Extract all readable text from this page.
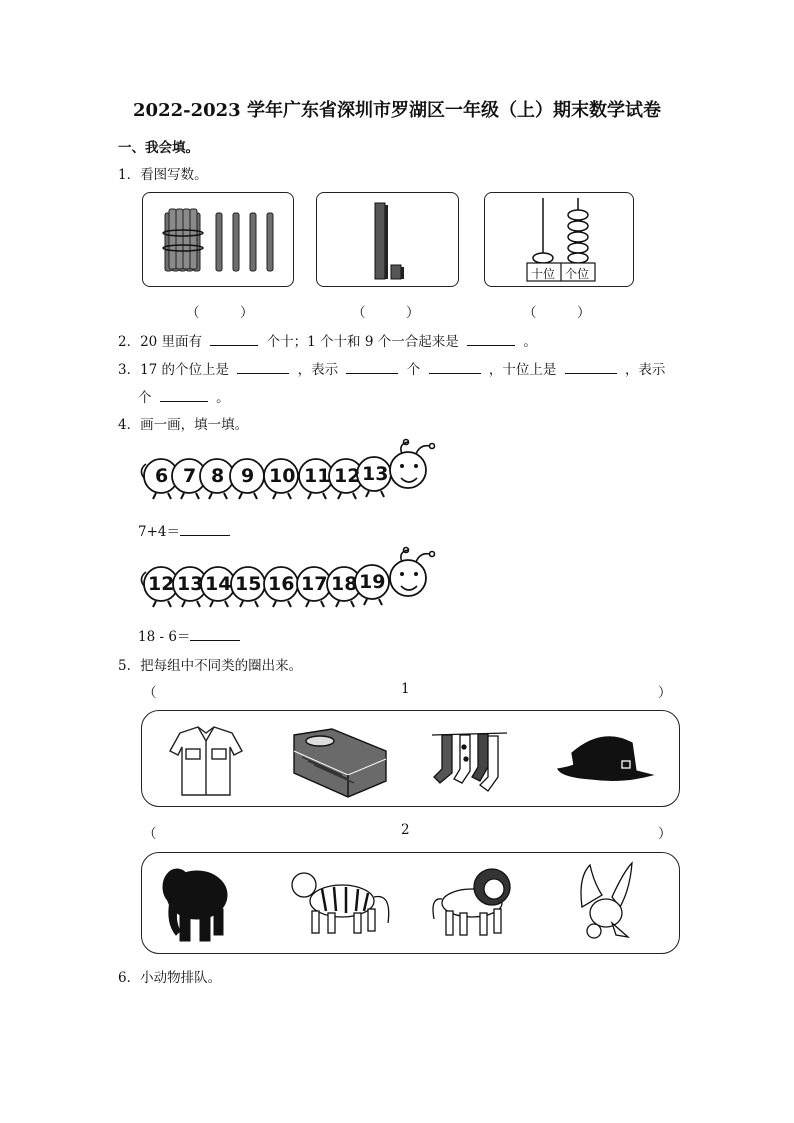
2022-2023 学年广东省深圳市罗湖区一年级（上）期末数学试卷
一、我会填。
1．看图写数。
十位 个位
（　　　）	（　　　）	（　　　）
2．20 里面有	个十；1 个十和 9 个一合起来是	。
3．17 的个位上是	，表示	个	，十位上是	，表示
个	。
4．画一画，填一填。
6 7 8 9 10 11 12 13
7+4＝
12 13 14 15 16 17 18 19
18 - 6＝
5．把每组中不同类的圈出来。
（	1	）
（	2	）
6．小动物排队。
